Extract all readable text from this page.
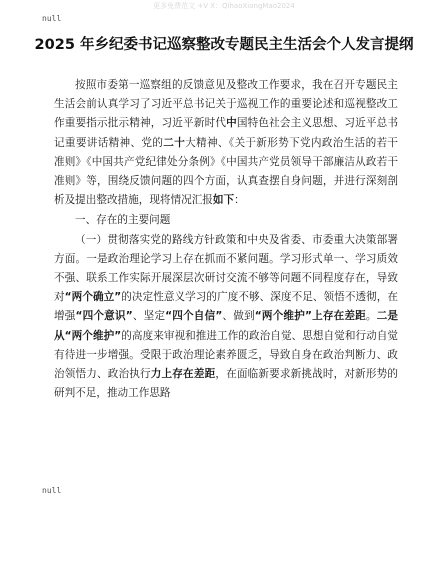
更多免费范文 +V X：QihaoXiongMao2024
null
2025 年乡纪委书记巡察整改专题民主生活会个人发言提纲

按照市委第一巡察组的反馈意见及整改工作要求，我在召开专题民主生活会前认真学习了习近平总书记关于巡视工作的重要论述和巡视整改工作重要指示批示精神，习近平新时代中国特色社会主义思想、习近平总书记重要讲话精神、党的二十大精神、《关于新形势下党内政治生活的若干准则》《中国共产党纪律处分条例》《中国共产党员领导干部廉洁从政若干准则》等，围绕反馈问题的四个方面，认真查摆自身问题，并进行深刻剖析及提出整改措施，现将情况汇报如下：

一、存在的主要问题

（一）贯彻落实党的路线方针政策和中央及省委、市委重大决策部署方面。一是政治理论学习上存在抓而不紧问题。学习形式单一、学习质效不强、联系工作实际开展深层次研讨交流不够等问题不同程度存在，导致对“两个确立”的决定性意义学习的广度不够、深度不足、领悟不透彻，在增强“四个意识”、坚定“四个自信”、做到“两个维护”上存在差距。二是从“两个维护”的高度来审视和推进工作的政治自觉、思想自觉和行动自觉有待进一步增强。受限于政治理论素养匮乏，导致自身在政治判断力、政治领悟力、政治执行力上存在差距，在面临新要求新挑战时，对新形势的研判不足，推动工作思路

null
